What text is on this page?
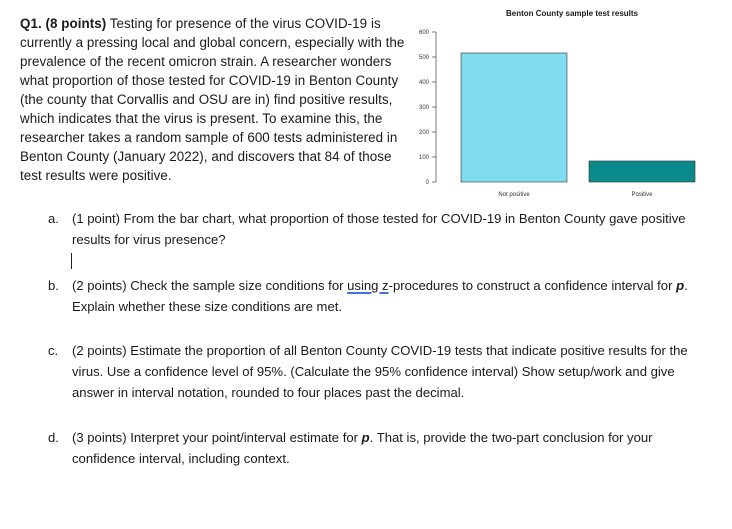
Q1. (8 points) Testing for presence of the virus COVID-19 is currently a pressing local and global concern, especially with the prevalence of the recent omicron strain. A researcher wonders what proportion of those tested for COVID-19 in Benton County (the county that Corvallis and OSU are in) find positive results, which indicates that the virus is present. To examine this, the researcher takes a random sample of 600 tests administered in Benton County (January 2022), and discovers that 84 of those test results were positive.
Benton County sample test results
0
100
200
300
400
500
600
Not positive	Positive
a. (1 point) From the bar chart, what proportion of those tested for COVID-19 in Benton County gave positive results for virus presence?
b. (2 points) Check the sample size conditions for using z-procedures to construct a confidence interval for p. Explain whether these size conditions are met.
c. (2 points) Estimate the proportion of all Benton County COVID-19 tests that indicate positive results for the virus. Use a confidence level of 95%. (Calculate the 95% confidence interval) Show setup/work and give answer in interval notation, rounded to four places past the decimal.
d. (3 points) Interpret your point/interval estimate for p. That is, provide the two-part conclusion for your confidence interval, including context.
